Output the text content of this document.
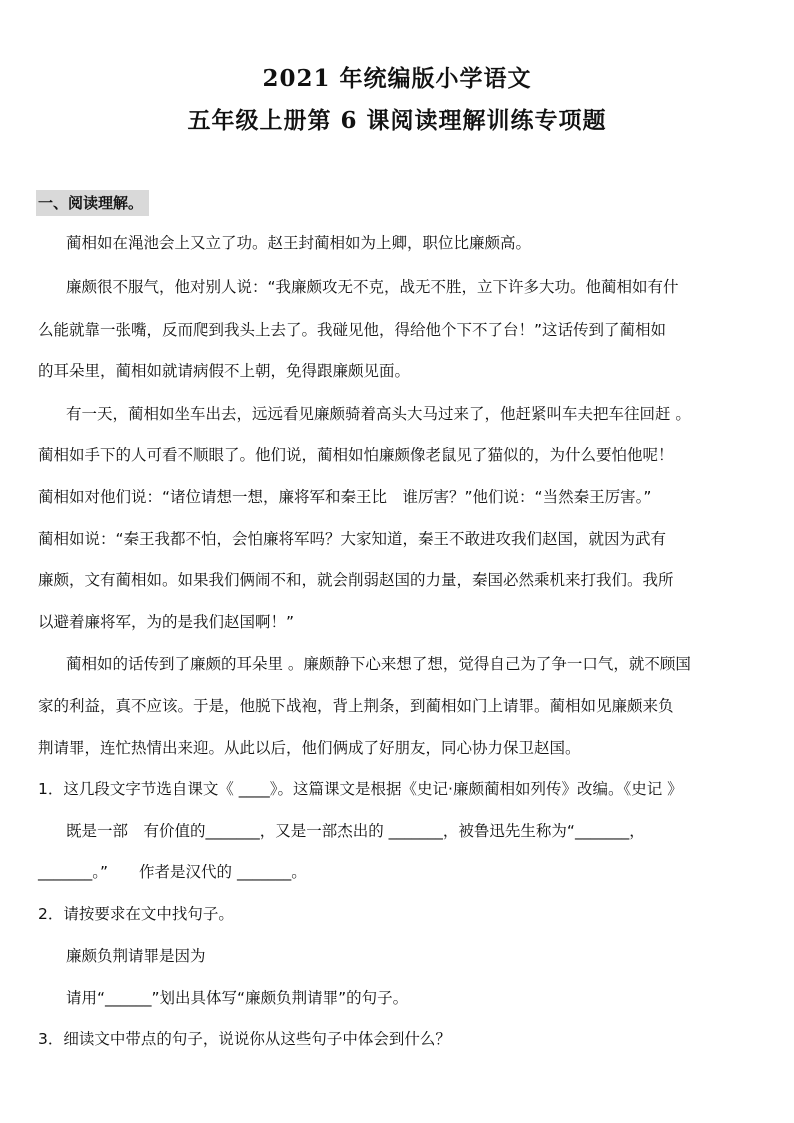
2021 年统编版小学语文
五年级上册第 6 课阅读理解训练专项题
一、阅读理解。
蔺相如在渑池会上又立了功。赵王封蔺相如为上卿，职位比廉颇高。
廉颇很不服气，他对别人说：“我廉颇攻无不克，战无不胜，立下许多大功。他蔺相如有什
么能就靠一张嘴，反而爬到我头上去了。我碰见他，得给他个下不了台！”这话传到了蔺相如
的耳朵里，蔺相如就请病假不上朝，免得跟廉颇见面。
有一天，蔺相如坐车出去，远远看见廉颇骑着高头大马过来了，他赶紧叫车夫把车往回赶 。
蔺相如手下的人可看不顺眼了。他们说，蔺相如怕廉颇像老鼠见了猫似的，为什么要怕他呢！
蔺相如对他们说：“诸位请想一想，廉将军和秦王比　谁厉害？”他们说：“当然秦王厉害。”
蔺相如说：“秦王我都不怕，会怕廉将军吗？大家知道，秦王不敢进攻我们赵国，就因为武有
廉颇，文有蔺相如。如果我们俩闹不和，就会削弱赵国的力量，秦国必然乘机来打我们。我所
以避着廉将军，为的是我们赵国啊！”
蔺相如的话传到了廉颇的耳朵里 。廉颇静下心来想了想，觉得自己为了争一口气，就不顾国
家的利益，真不应该。于是，他脱下战袍，背上荆条，到蔺相如门上请罪。蔺相如见廉颇来负
荆请罪，连忙热情出来迎。从此以后，他们俩成了好朋友，同心协力保卫赵国。
1．这几段文字节选自课文《 ____》。这篇课文是根据《史记·廉颇蔺相如列传》改编。《史记 》
既是一部　有价值的_______，又是一部杰出的 _______，被鲁迅先生称为“_______，
_______。”　　作者是汉代的 _______。
2．请按要求在文中找句子。
廉颇负荆请罪是因为
请用“______”划出具体写“廉颇负荆请罪”的句子。
3．细读文中带点的句子，说说你从这些句子中体会到什么？
